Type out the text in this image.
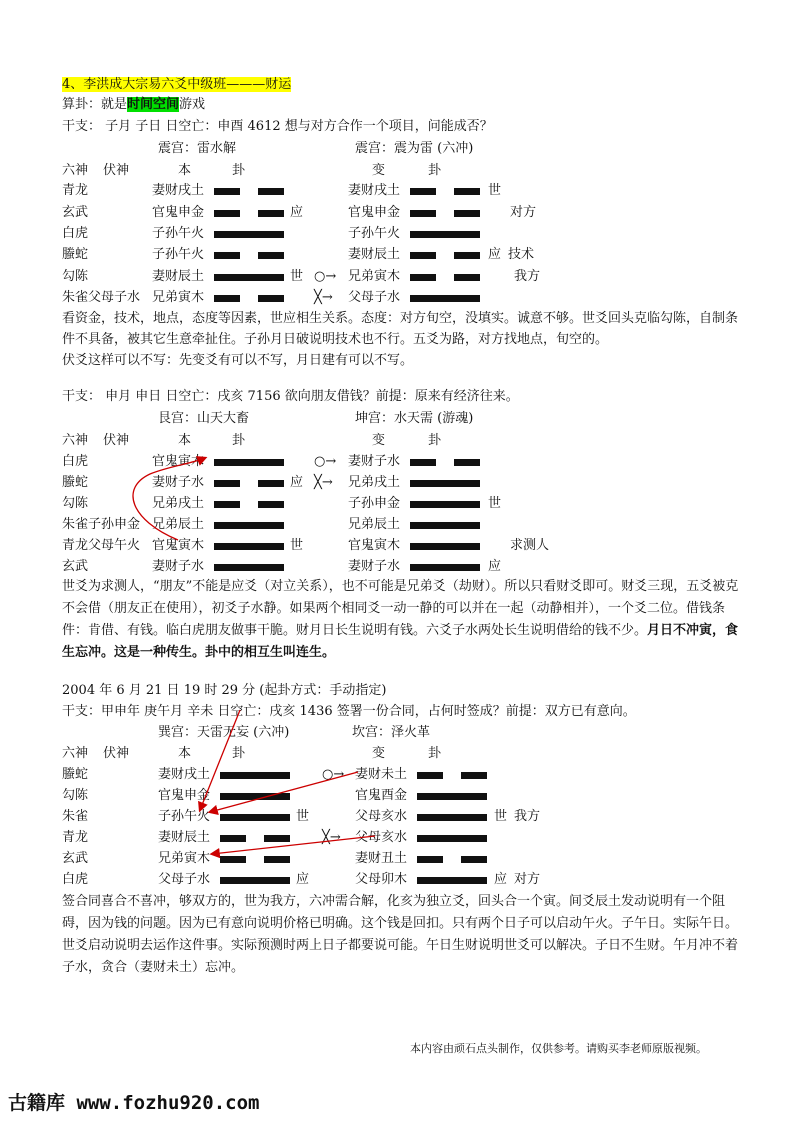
4、李洪成大宗易六爻中级班———财运
算卦：就是时间空间游戏
干支： 子月 子日 日空亡：申酉 4612 想与对方合作一个项目，问能成否？
震宫：雷水解	震宫：震为雷 (六冲)
六神 伏神	本	卦	变	卦
青龙	妻财戌土	妻财戌土	世
玄武	官鬼申金	应	官鬼申金	对方
白虎	子孙午火	子孙午火
螣蛇	子孙午火	妻财辰土	应 技术
勾陈	妻财辰土	世 ○→ 兄弟寅木	我方
朱雀 父母子水 兄弟寅木	╳→ 父母子水
看资金，技术，地点，态度等因素，世应相生关系。态度：对方旬空，没填实。诚意不够。世爻回头克临勾陈，自制条件不具备，被其它生意牵扯住。子孙月日破说明技术也不行。五爻为路，对方找地点，旬空的。
伏爻这样可以不写：先变爻有可以不写，月日建有可以不写。
干支： 申月 申日 日空亡：戌亥 7156 欲向朋友借钱？前提：原来有经济往来。
艮宫：山天大畜	坤宫：水天需 (游魂)
六神 伏神	本	卦	变	卦
白虎	官鬼寅木	○→ 妻财子水
螣蛇	妻财子水	应 ╳→ 兄弟戌土
勾陈	兄弟戌土	子孙申金	世
朱雀 子孙申金 兄弟辰土	兄弟辰土
青龙 父母午火 官鬼寅木	世	官鬼寅木	求测人
玄武	妻财子水	妻财子水	应
世爻为求测人，“朋友”不能是应爻（对立关系），也不可能是兄弟爻（劫财）。所以只看财爻即可。财爻三现，五爻被克不会借（朋友正在使用），初爻子水静。如果两个相同爻一动一静的可以并在一起（动静相并），一个爻二位。借钱条件：肯借、有钱。临白虎朋友做事干脆。财月日长生说明有钱。六爻子水两处长生说明借给的钱不少。月日不冲寅，食生忘冲。这是一种传生。卦中的相互生叫连生。
2004 年 6 月 21 日 19 时 29 分 (起卦方式：手动指定)
干支：甲申年 庚午月 辛未 日空亡：戌亥 1436 签署一份合同，占何时签成？前提：双方已有意向。
巽宫：天雷无妄 (六冲)	坎宫：泽火革
六神 伏神	本	卦	变	卦
螣蛇	妻财戌土	○→ 妻财未土
勾陈	官鬼申金	官鬼酉金
朱雀	子孙午火	世	父母亥水	世 我方
青龙	妻财辰土	╳→ 父母亥水
玄武	兄弟寅木	妻财丑土
白虎	父母子水	应	父母卯木	应 对方
签合同喜合不喜冲，够双方的，世为我方，六冲需合解，化亥为独立爻，回头合一个寅。间爻辰土发动说明有一个阻碍，因为钱的问题。因为已有意向说明价格已明确。这个钱是回扣。只有两个日子可以启动午火。子午日。实际午日。世爻启动说明去运作这件事。实际预测时两上日子都要说可能。午日生财说明世爻可以解决。子日不生财。午月冲不着子水，贪合（妻财未土）忘冲。
本内容由顽石点头制作，仅供参考。请购买李老师原版视频。
古籍库 www.fozhu920.com
